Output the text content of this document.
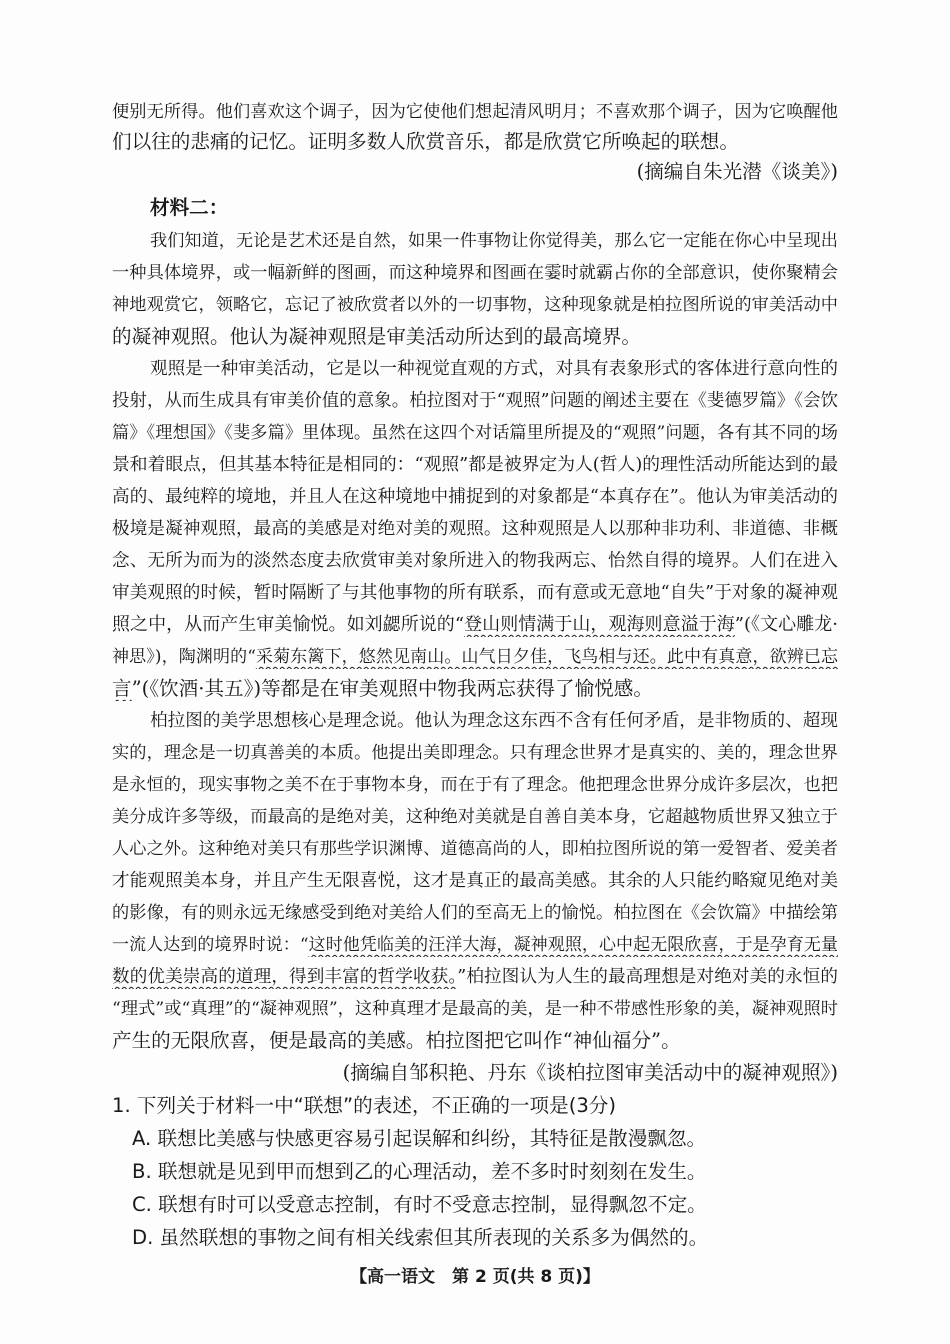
便别无所得。他们喜欢这个调子，因为它使他们想起清风明月；不喜欢那个调子，因为它唤醒他
们以往的悲痛的记忆。证明多数人欣赏音乐，都是欣赏它所唤起的联想。
(摘编自朱光潜《谈美》)
材料二：
我们知道，无论是艺术还是自然，如果一件事物让你觉得美，那么它一定能在你心中呈现出
一种具体境界，或一幅新鲜的图画，而这种境界和图画在霎时就霸占你的全部意识，使你聚精会
神地观赏它，领略它，忘记了被欣赏者以外的一切事物，这种现象就是柏拉图所说的审美活动中
的凝神观照。他认为凝神观照是审美活动所达到的最高境界。
观照是一种审美活动，它是以一种视觉直观的方式，对具有表象形式的客体进行意向性的
投射，从而生成具有审美价值的意象。柏拉图对于“观照”问题的阐述主要在《斐德罗篇》《会饮
篇》《理想国》《斐多篇》里体现。虽然在这四个对话篇里所提及的“观照”问题，各有其不同的场
景和着眼点，但其基本特征是相同的：“观照”都是被界定为人(哲人)的理性活动所能达到的最
高的、最纯粹的境地，并且人在这种境地中捕捉到的对象都是“本真存在”。他认为审美活动的
极境是凝神观照，最高的美感是对绝对美的观照。这种观照是人以那种非功利、非道德、非概
念、无所为而为的淡然态度去欣赏审美对象所进入的物我两忘、怡然自得的境界。人们在进入
审美观照的时候，暂时隔断了与其他事物的所有联系，而有意或无意地“自失”于对象的凝神观
照之中，从而产生审美愉悦。如刘勰所说的“登山则情满于山，观海则意溢于海”(《文心雕龙·
神思》)，陶渊明的“采菊东篱下，悠然见南山。山气日夕佳，飞鸟相与还。此中有真意，欲辨已忘
言”(《饮酒·其五》)等都是在审美观照中物我两忘获得了愉悦感。
柏拉图的美学思想核心是理念说。他认为理念这东西不含有任何矛盾，是非物质的、超现
实的，理念是一切真善美的本质。他提出美即理念。只有理念世界才是真实的、美的，理念世界
是永恒的，现实事物之美不在于事物本身，而在于有了理念。他把理念世界分成许多层次，也把
美分成许多等级，而最高的是绝对美，这种绝对美就是自善自美本身，它超越物质世界又独立于
人心之外。这种绝对美只有那些学识渊博、道德高尚的人，即柏拉图所说的第一爱智者、爱美者
才能观照美本身，并且产生无限喜悦，这才是真正的最高美感。其余的人只能约略窥见绝对美
的影像，有的则永远无缘感受到绝对美给人们的至高无上的愉悦。柏拉图在《会饮篇》中描绘第
一流人达到的境界时说：“这时他凭临美的汪洋大海，凝神观照，心中起无限欣喜，于是孕育无量
数的优美崇高的道理，得到丰富的哲学收获。”柏拉图认为人生的最高理想是对绝对美的永恒的
“理式”或“真理”的“凝神观照”，这种真理才是最高的美，是一种不带感性形象的美，凝神观照时
产生的无限欣喜，便是最高的美感。柏拉图把它叫作“神仙福分”。
(摘编自邹积艳、丹东《谈柏拉图审美活动中的凝神观照》)
1. 下列关于材料一中“联想”的表述，不正确的一项是(3分)
A. 联想比美感与快感更容易引起误解和纠纷，其特征是散漫飘忽。
B. 联想就是见到甲而想到乙的心理活动，差不多时时刻刻在发生。
C. 联想有时可以受意志控制，有时不受意志控制，显得飘忽不定。
D. 虽然联想的事物之间有相关线索但其所表现的关系多为偶然的。
【高一语文　第 2 页(共 8 页)】
